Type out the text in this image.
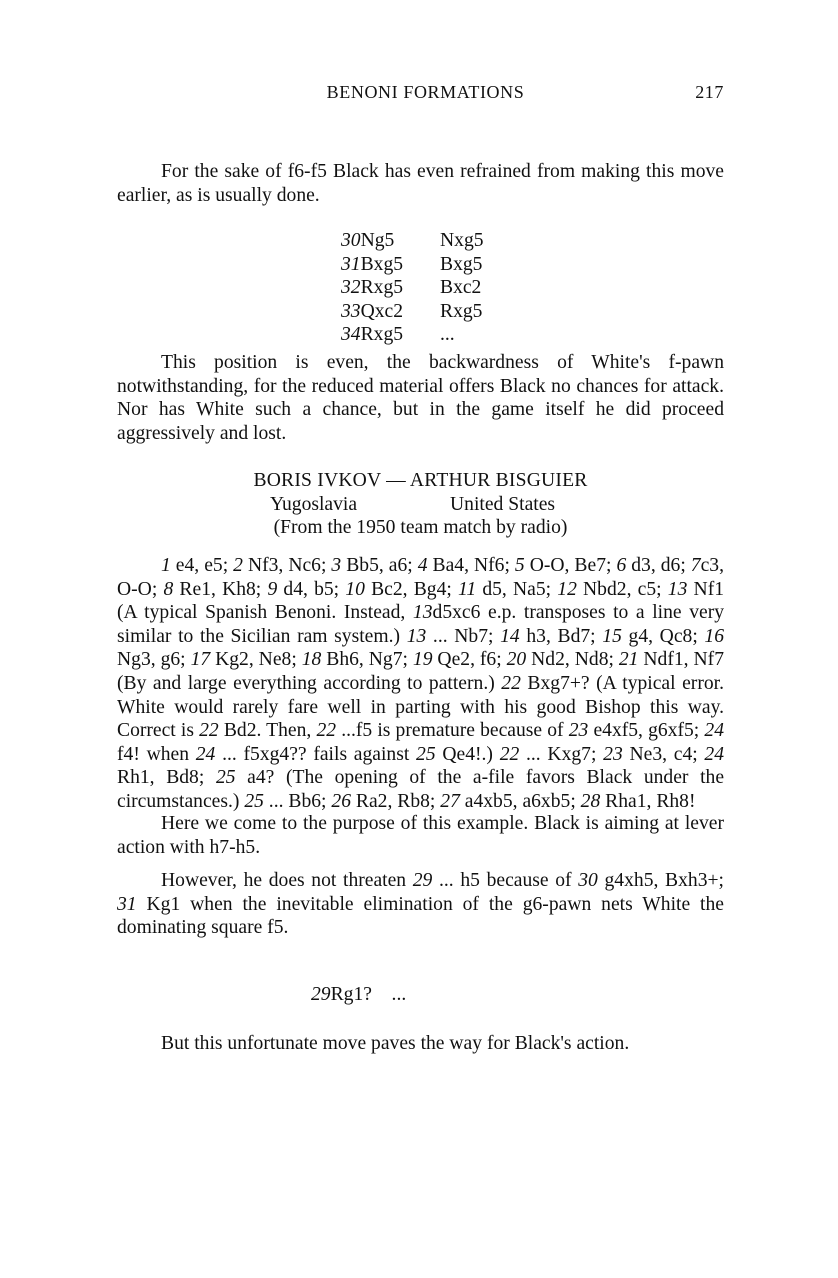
BENONI FORMATIONS	217

For the sake of f6-f5 Black has even refrained from making this move earlier, as is usually done.

30Ng5	Nxg5
31Bxg5	Bxg5
32Rxg5	Bxc2
33Qxc2	Rxg5
34Rxg5	...

This position is even, the backwardness of White's f-pawn notwithstanding, for the reduced material offers Black no chances for attack. Nor has White such a chance, but in the game itself he did proceed aggressively and lost.

BORIS IVKOV — ARTHUR BISGUIER
Yugoslavia	United States
(From the 1950 team match by radio)

1 e4, e5; 2 Nf3, Nc6; 3 Bb5, a6; 4 Ba4, Nf6; 5 O-O, Be7; 6 d3, d6; 7c3, O-O; 8 Re1, Kh8; 9 d4, b5; 10 Bc2, Bg4; 11 d5, Na5; 12 Nbd2, c5; 13 Nf1 (A typical Spanish Benoni. Instead, 13d5xc6 e.p. transposes to a line very similar to the Sicilian ram system.) 13 ... Nb7; 14 h3, Bd7; 15 g4, Qc8; 16 Ng3, g6; 17 Kg2, Ne8; 18 Bh6, Ng7; 19 Qe2, f6; 20 Nd2, Nd8; 21 Ndf1, Nf7 (By and large everything according to pattern.) 22 Bxg7+? (A typical error. White would rarely fare well in parting with his good Bishop this way. Correct is 22 Bd2. Then, 22 ...f5 is premature because of 23 e4xf5, g6xf5; 24 f4! when 24 ... f5xg4?? fails against 25 Qe4!.) 22 ... Kxg7; 23 Ne3, c4; 24 Rh1, Bd8; 25 a4? (The opening of the a-file favors Black under the circumstances.) 25 ... Bb6; 26 Ra2, Rb8; 27 a4xb5, a6xb5; 28 Rha1, Rh8!

Here we come to the purpose of this example. Black is aiming at lever action with h7-h5.

However, he does not threaten 29 ... h5 because of 30 g4xh5, Bxh3+; 31 Kg1 when the inevitable elimination of the g6-pawn nets White the dominating square f5.

29Rg1? ...

But this unfortunate move paves the way for Black's action.
